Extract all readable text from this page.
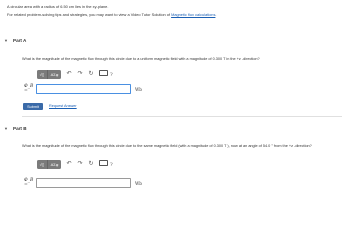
A circular area with a radius of 6.50 cm lies in the xy-plane.
For related problem-solving tips and strategies, you may want to view a Video Tutor Solution of Magnetic flux calculations.
▼ Part A
What is the magnitude of the magnetic flux through this circle due to a uniform magnetic field with a magnitude of 0.300 T in the +z -direction?
√▯	ΑΣφ	↶ ↷ ↻	?
Φ_B =	Wb
Submit	Request Answer
▼ Part B
What is the magnitude of the magnetic flux through this circle due to the same magnetic field (with a magnitude of 0.300 T ), now at an angle of 54.0 ° from the +z -direction?
√▯	ΑΣφ	↶ ↷ ↻	?
Φ_B =	Wb
